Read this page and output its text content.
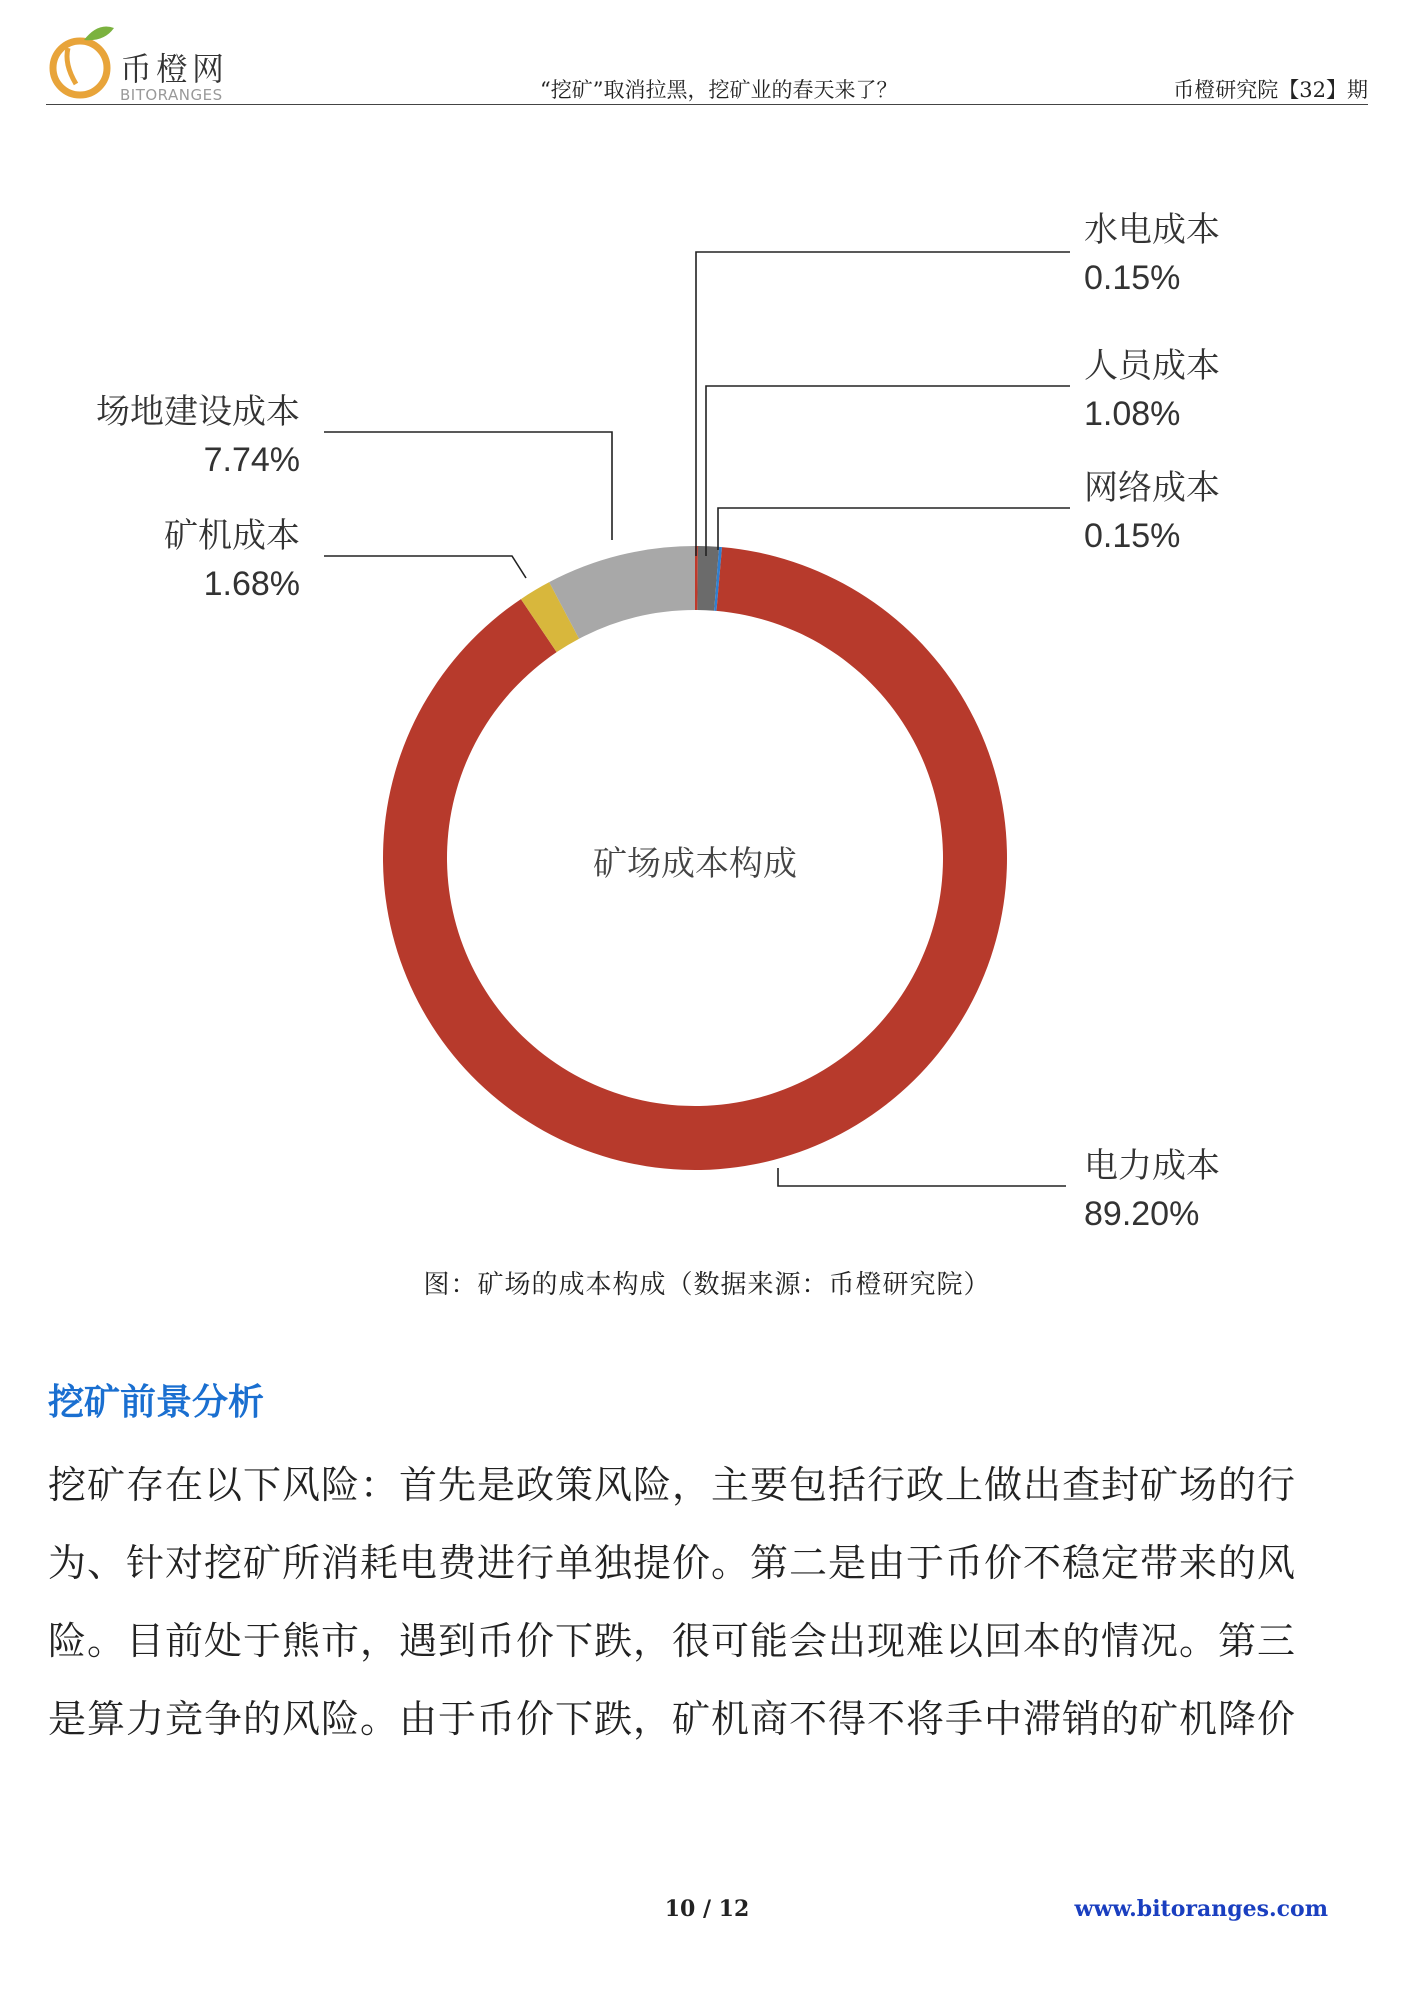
币橙网
BITORANGES	“挖矿”取消拉黑，挖矿业的春天来了？	币橙研究院【32】期
水电成本
0.15%
人员成本
1.08%
网络成本
0.15%
场地建设成本
7.74%
矿机成本
1.68%
电力成本
89.20%
矿场成本构成
图：矿场的成本构成（数据来源：币橙研究院）
挖矿前景分析
挖矿存在以下风险：首先是政策风险，主要包括行政上做出查封矿场的行
为、针对挖矿所消耗电费进行单独提价。第二是由于币价不稳定带来的风
险。目前处于熊市，遇到币价下跌，很可能会出现难以回本的情况。第三
是算力竞争的风险。由于币价下跌，矿机商不得不将手中滞销的矿机降价
10 / 12	www.bitoranges.com
